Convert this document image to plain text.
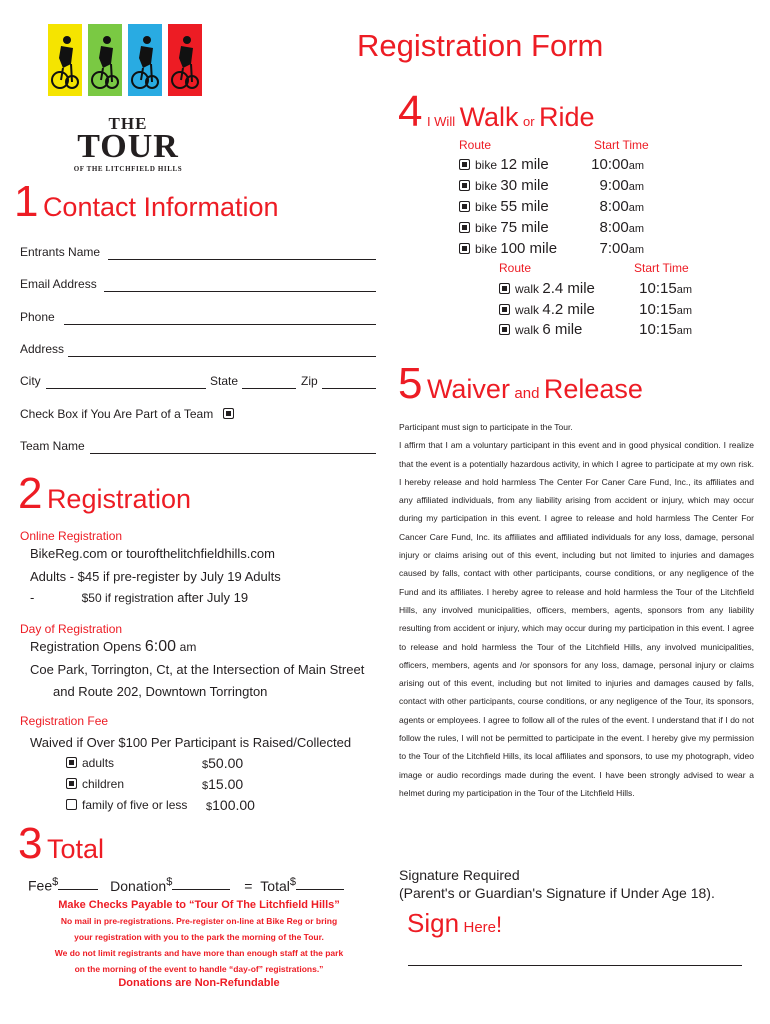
THE
TOUR
OF THE LITCHFIELD HILLS
Registration Form
1 Contact Information
Entrants Name
Email Address
Phone
Address
City	State	Zip
Check Box if You Are Part of a Team
Team Name
2 Registration
Online Registration
BikeReg.com or tourofthelitchfieldhills.com
Adults - $45 if pre-register by July 19 Adults
-	$50 if registration after July 19
Day of Registration
Registration Opens 6:00 am
Coe Park, Torrington, Ct, at the Intersection of Main Street
and Route 202, Downtown Torrington
Registration Fee
Waived if Over $100 Per Participant is Raised/Collected
adults	$50.00
children	$15.00
family of five or less $100.00
3 Total
Fee$	Donation$	= Total$
Make Checks Payable to “Tour Of The Litchfield Hills”
No mail in pre-registrations. Pre-register on-line at Bike Reg or bring
your registration with you to the park the morning of the Tour.
We do not limit registrants and have more than enough staff at the park
on the morning of the event to handle “day-of” registrations.”
Donations are Non-Refundable
4 I Will Walk or Ride
Route	Start Time
bike 12 mile	10:00am
bike 30 mile	9:00am
bike 55 mile	8:00am
bike 75 mile	8:00am
bike 100 mile	7:00am
Route	Start Time
walk 2.4 mile	10:15am
walk 4.2 mile	10:15am
walk 6 mile	10:15am
5 Waiver and Release
Participant must sign to participate in the Tour.
I affirm that I am a voluntary participant in this event and in good physical condition. I realize that the event is a potentially hazardous activity, in which I agree to participate at my own risk. I hereby release and hold harmless The Center For Caner Care Fund, Inc., its affiliates and any affiliated individuals, from any liability arising from accident or injury, which may occur during my participation in this event. I agree to release and hold harmless The Center For Cancer Care Fund, Inc. its affiliates and affiliated individuals for any loss, damage, personal injury or claims arising out of this event, including but not limited to injuries and damages caused by falls, contact with other participants, course conditions, or any negligence of the Fund and its affiliates. I hereby agree to release and hold harmless the Tour of the Litchfield Hills, any involved municipalities, officers, members, agents, sponsors from any liability resulting from accident or injury, which may occur during my participation in this event. I agree to release and hold harmless the Tour of the Litchfield Hills, any involved municipalities, officers, members, agents and /or sponsors for any loss, damage, personal injury or claims arising out of this event, including but not limited to injuries and damages caused by falls, contact with other participants, course conditions, or any negligence of the Tour, its sponsors, agents or employees. I agree to follow all of the rules of the event. I understand that if I do not follow the rules, I will not be permitted to participate in the event. I hereby give my permission to the Tour of the Litchfield Hills, its local affiliates and sponsors, to use my photograph, video image or audio recordings made during the event. I have been strongly advised to wear a helmet during my participation in the Tour of the Litchfield Hills.
Signature Required
(Parent's or Guardian's Signature if Under Age 18).
Sign Here!
